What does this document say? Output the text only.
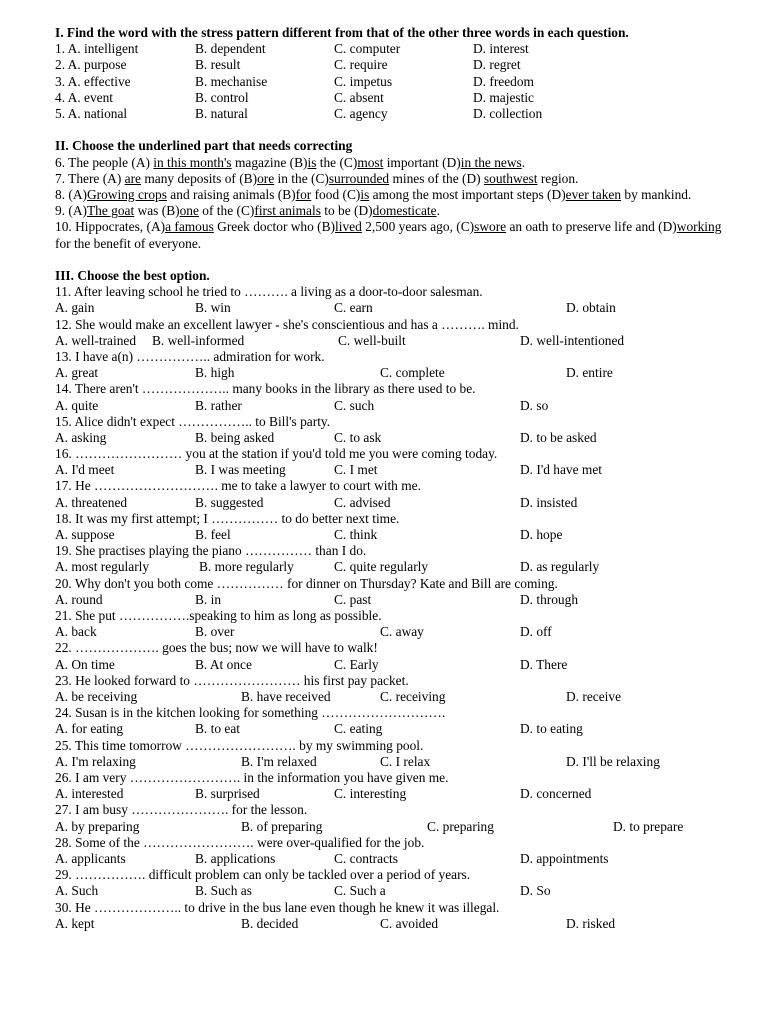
I. Find the word with the stress pattern different from that of the other three words in each question.
1. A. intelligent	B. dependent	C. computer	D. interest
2. A. purpose	B. result	C. require	D. regret
3. A. effective	B. mechanise	C. impetus	D. freedom
4. A. event	B. control	C. absent	D. majestic
5. A. national	B. natural	C. agency	D. collection
II. Choose the underlined part that needs correcting
6. The people (A) in this month's magazine (B)is the (C)most important (D)in the news.
7. There (A) are many deposits of (B)ore in the (C)surrounded mines of the (D) southwest region.
8. (A)Growing crops and raising animals (B)for food (C)is among the most important steps (D)ever taken by mankind.
9. (A)The goat was (B)one of the (C)first animals to be (D)domesticate.
10. Hippocrates, (A)a famous Greek doctor who (B)lived 2,500 years ago, (C)swore an oath to preserve life and (D)working for the benefit of everyone.
III. Choose the best option.
11. After leaving school he tried to ………. a living as a door-to-door salesman.
A. gain	B. win	C. earn	D. obtain
12. She would make an excellent lawyer - she's conscientious and has a ………. mind.
A. well-trained B. well-informed	C. well-built	D. well-intentioned
13. I have a(n) …………….. admiration for work.
A. great	B. high	C. complete	D. entire
14. There aren't ……………….. many books in the library as there used to be.
A. quite	B. rather	C. such	D. so
15. Alice didn't expect …………….. to Bill's party.
A. asking	B. being asked	C. to ask	D. to be asked
16. …………………… you at the station if you'd told me you were coming today.
A. I'd meet	B. I was meeting	C. I met	D. I'd have met
17. He ………………………. me to take a lawyer to court with me.
A. threatened	B. suggested	C. advised	D. insisted
18. It was my first attempt; I …………… to do better next time.
A. suppose	B. feel	C. think	D. hope
19. She practises playing the piano …………… than I do.
A. most regularly	B. more regularly	C. quite regularly	D. as regularly
20. Why don't you both come …………… for dinner on Thursday? Kate and Bill are coming.
A. round	B. in	C. past	D. through
21. She put …………….speaking to him as long as possible.
A. back	B. over	C. away	D. off
22. ………………. goes the bus; now we will have to walk!
A. On time	B. At once	C. Early	D. There
23. He looked forward to …………………… his first pay packet.
A. be receiving	B. have received	C. receiving	D. receive
24. Susan is in the kitchen looking for something ……………………….
A. for eating	B. to eat	C. eating	D. to eating
25. This time tomorrow ……………………. by my swimming pool.
A. I'm relaxing	B. I'm relaxed	C. I relax	D. I'll be relaxing
26. I am very ……………………. in the information you have given me.
A. interested	B. surprised	C. interesting	D. concerned
27. I am busy …………………. for the lesson.
A. by preparing	B. of preparing	C. preparing	D. to prepare
28. Some of the ……………………. were over-qualified for the job.
A. applicants	B. applications	C. contracts	D. appointments
29. ……………. difficult problem can only be tackled over a period of years.
A. Such	B. Such as	C. Such a	D. So
30. He ……………….. to drive in the bus lane even though he knew it was illegal.
A. kept	B. decided	C. avoided	D. risked
